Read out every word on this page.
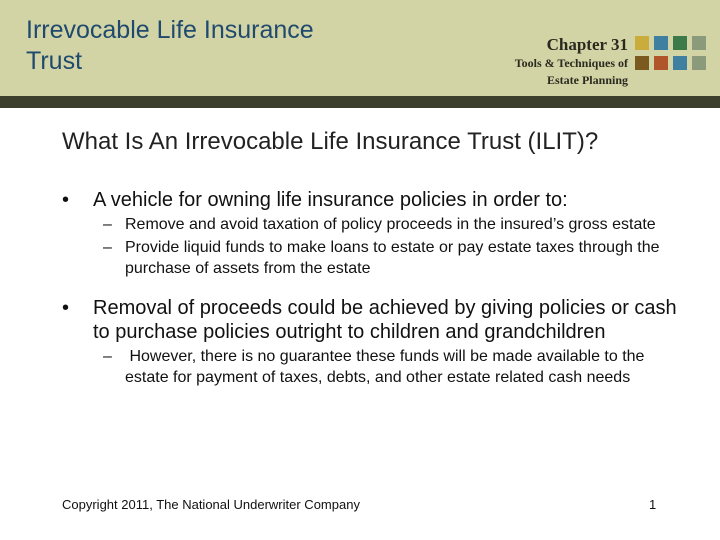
Irrevocable Life Insurance
Trust
Chapter 31
Tools & Techniques of
Estate Planning
What Is An Irrevocable Life Insurance Trust (ILIT)?
• A vehicle for owning life insurance policies in order to:
– Remove and avoid taxation of policy proceeds in the insured’s gross estate
– Provide liquid funds to make loans to estate or pay estate taxes through the purchase of assets from the estate
• Removal of proceeds could be achieved by giving policies or cash to purchase policies outright to children and grandchildren
– However, there is no guarantee these funds will be made available to the estate for payment of taxes, debts, and other estate related cash needs
Copyright 2011, The National Underwriter Company	1
